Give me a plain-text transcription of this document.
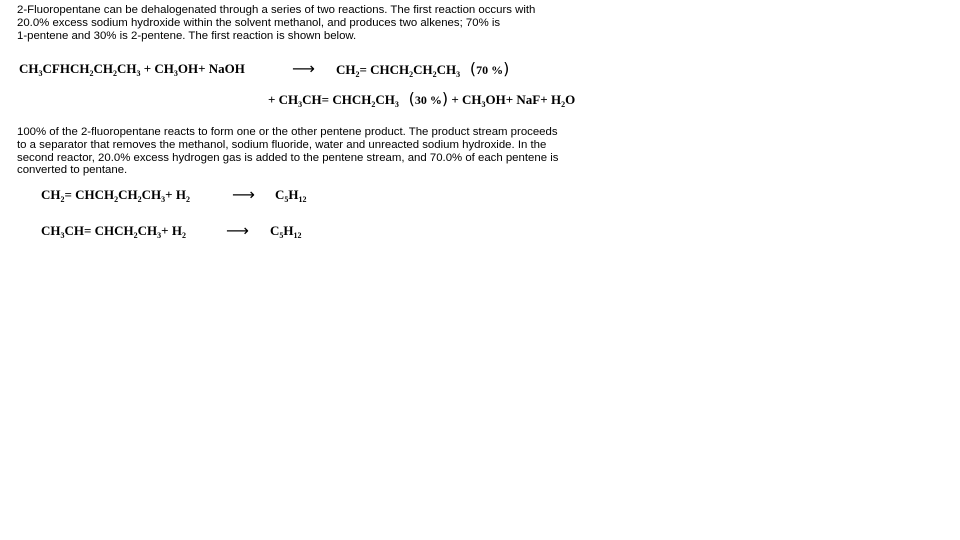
2-Fluoropentane can be dehalogenated through a series of two reactions. The first reaction occurs with
20.0% excess sodium hydroxide within the solvent methanol, and produces two alkenes; 70% is
1-pentene and 30% is 2-pentene. The first reaction is shown below.
$CH_3CFHCH_2CH_2CH_3 + CH_3OH+$ NaOH	⟶ $CH_2=$ $CHCH_2CH_2CH_3$ (70 %)
+ $CH_3CH=$ $CHCH_2CH_3$ (30 %) + $CH_3OH+ NaF+ H_2O$
100% of the 2-fluoropentane reacts to form one or the other pentene product. The product stream proceeds
to a separator that removes the methanol, sodium fluoride, water and unreacted sodium hydroxide. In the
second reactor, 20.0% excess hydrogen gas is added to the pentene stream, and 70.0% of each pentene is
converted to pentane.
$CH_2=$ $CHCH_2CH_2CH_3+ H_2$	⟶ $C_5H_{12}$
$CH_3CH=$ $CHCH_2CH_3+ H_2$	⟶ $C_5H_{12}$
